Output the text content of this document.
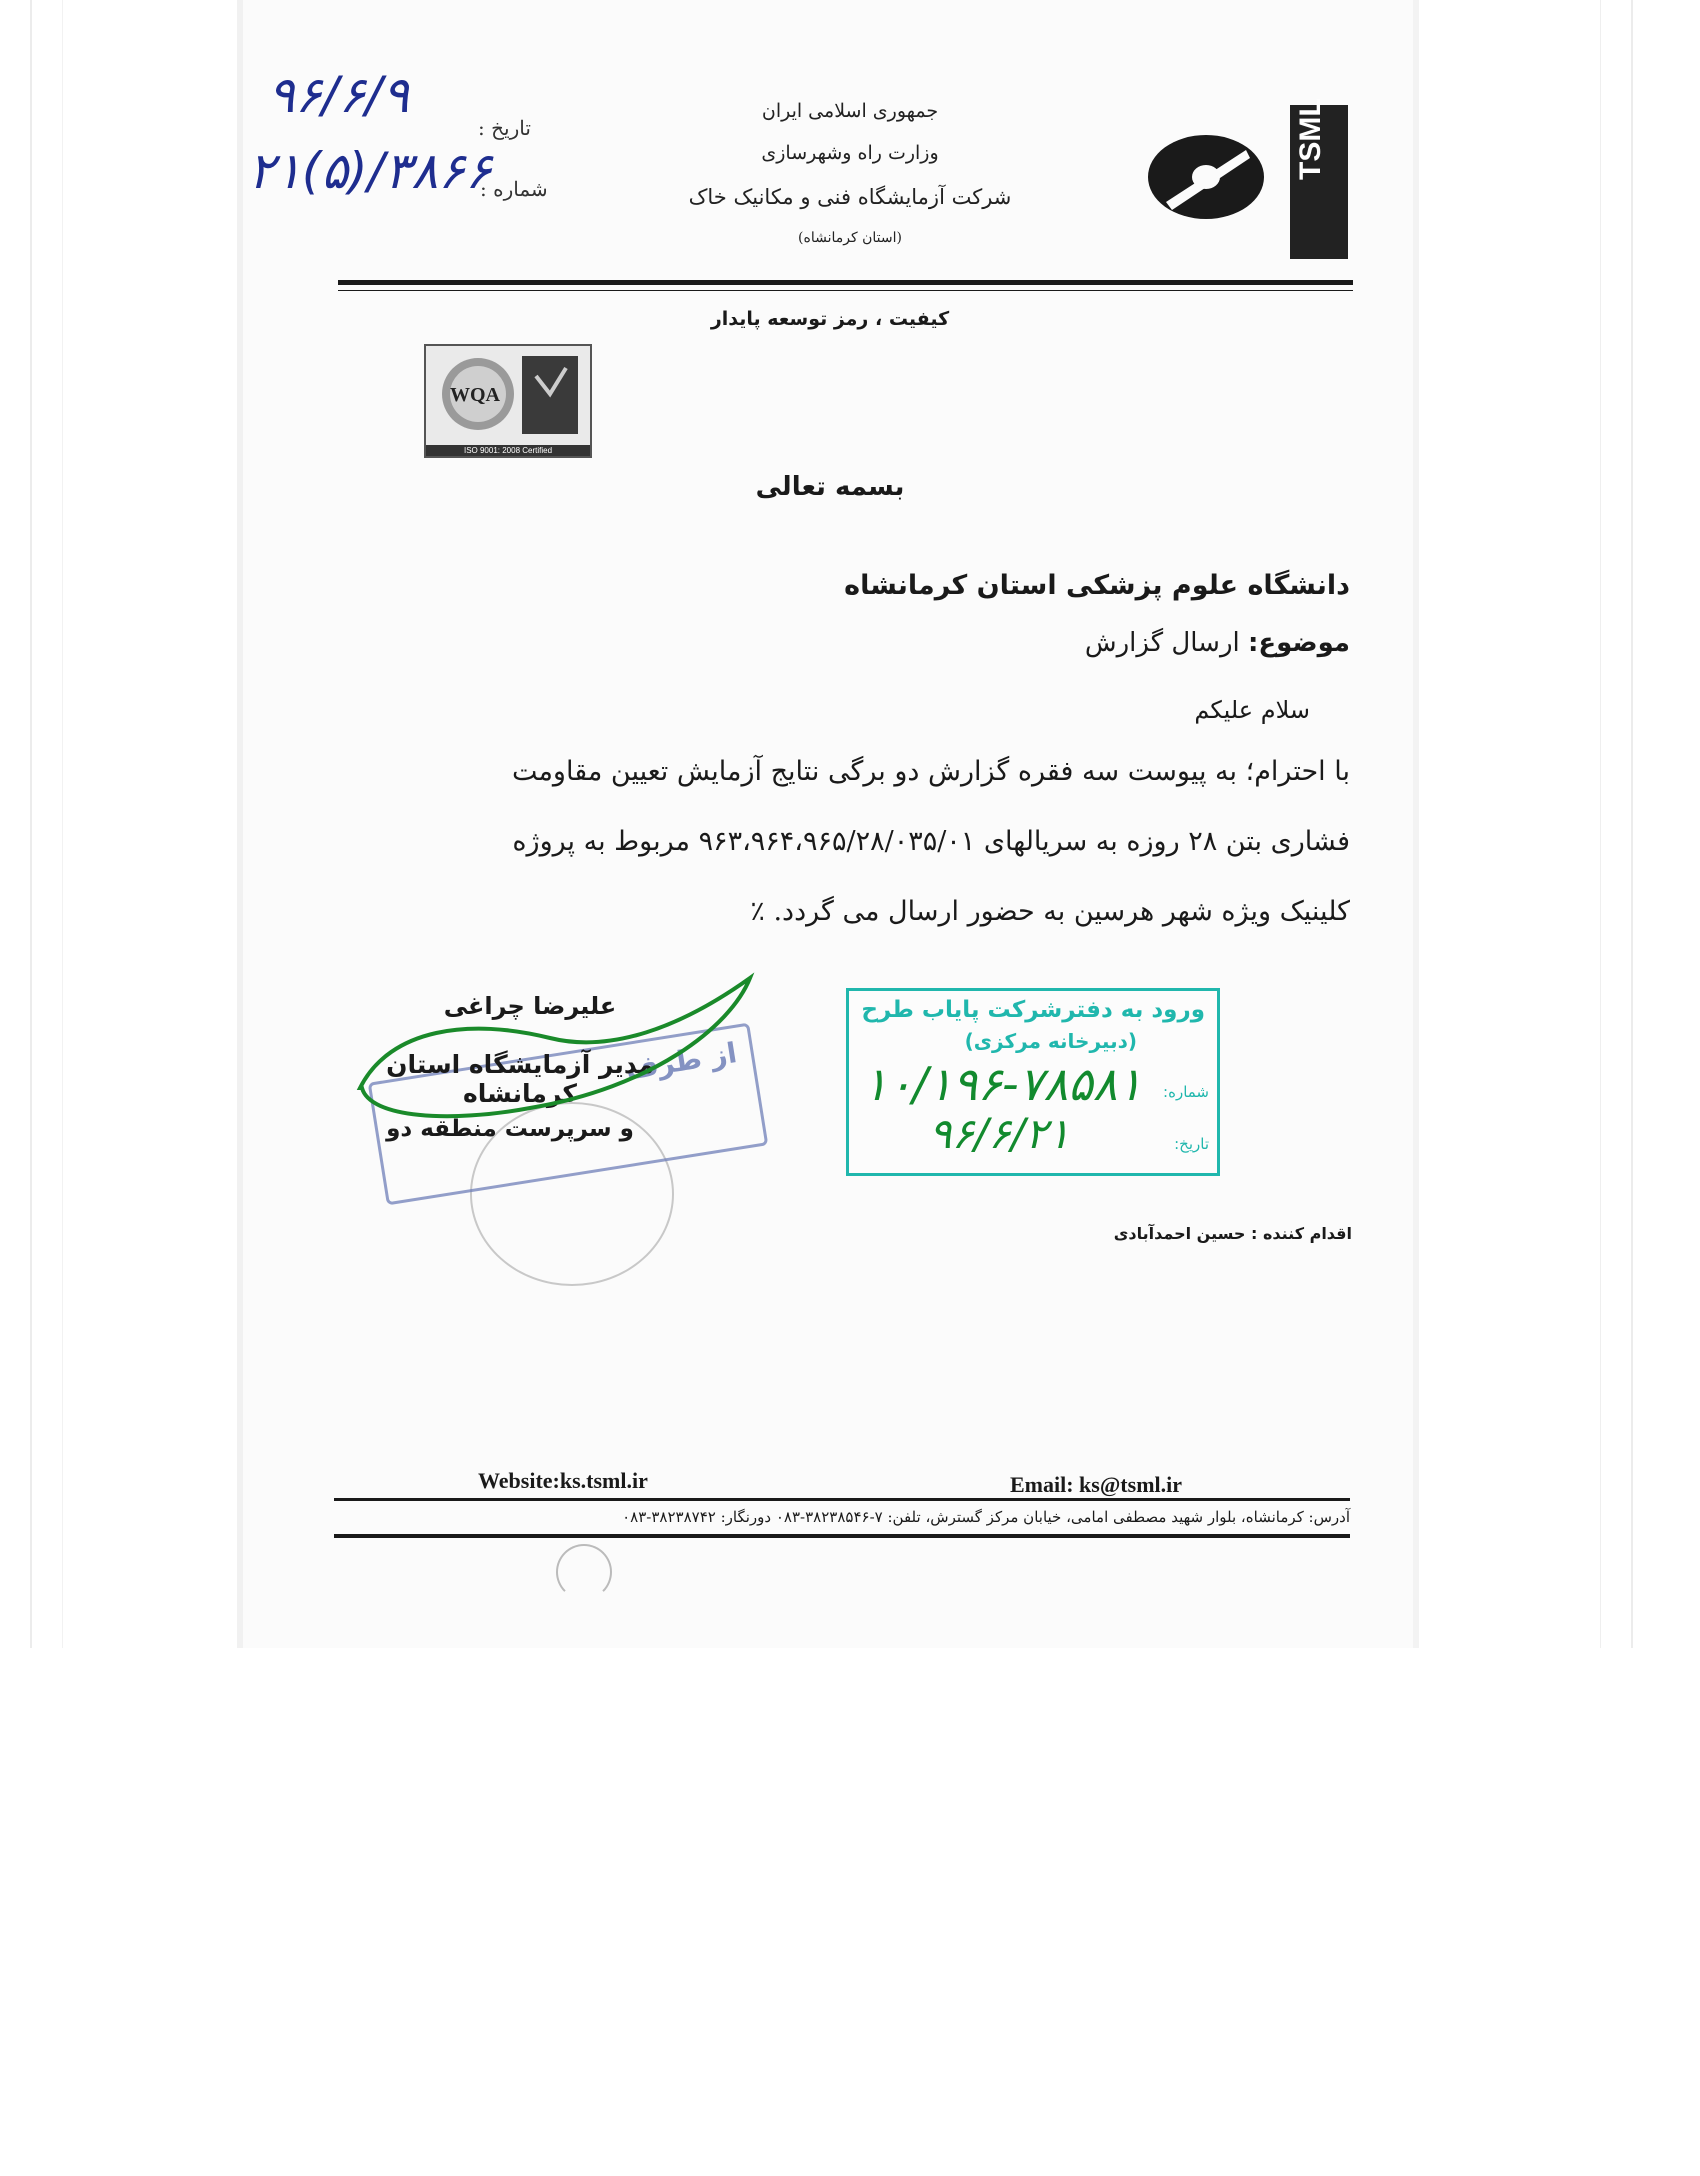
TSML
جمهوری اسلامی ایران
وزارت راه وشهرسازی
شرکت آزمایشگاه فنی و مکانیک خاک
(استان کرمانشاه)
تاریخ :
۹۶/۶/۹
شماره :
۲۱(۵)/۳۸۶۶
کیفیت ، رمز توسعه پایدار
WQA
ISO 9001: 2008 Certified
بسمه تعالی
دانشگاه علوم پزشکی استان کرمانشاه
موضوع: ارسال گزارش
سلام علیکم
با احترام؛ به پیوست سه فقره گزارش دو برگی نتایج آزمایش تعیین مقاومت
فشاری بتن ۲۸ روزه به سریالهای ۹۶۳،۹۶۴،۹۶۵/۲۸/۰۳۵/۰۱ مربوط به پروژه
کلینیک ویژه شهر هرسین به حضور ارسال می گردد. ٪
از طرف
علیرضا چراغی
مدیر آزمایشگاه استان کرمانشاه
و سرپرست منطقه دو
ورود به دفترشرکت پایاب طرح
(دبیرخانه مرکزی)
شماره:
۱۰/۱۹۶-۷۸۵۸۱
تاریخ:
۹۶/۶/۲۱
اقدام کننده : حسین احمدآبادی
Website:ks.tsml.ir	Email: ks@tsml.ir
آدرس: کرمانشاه، بلوار شهید مصطفی امامی، خیابان مرکز گسترش، تلفن: ۷-۳۸۲۳۸۵۴۶-۰۸۳ دورنگار: ۳۸۲۳۸۷۴۲-۰۸۳
